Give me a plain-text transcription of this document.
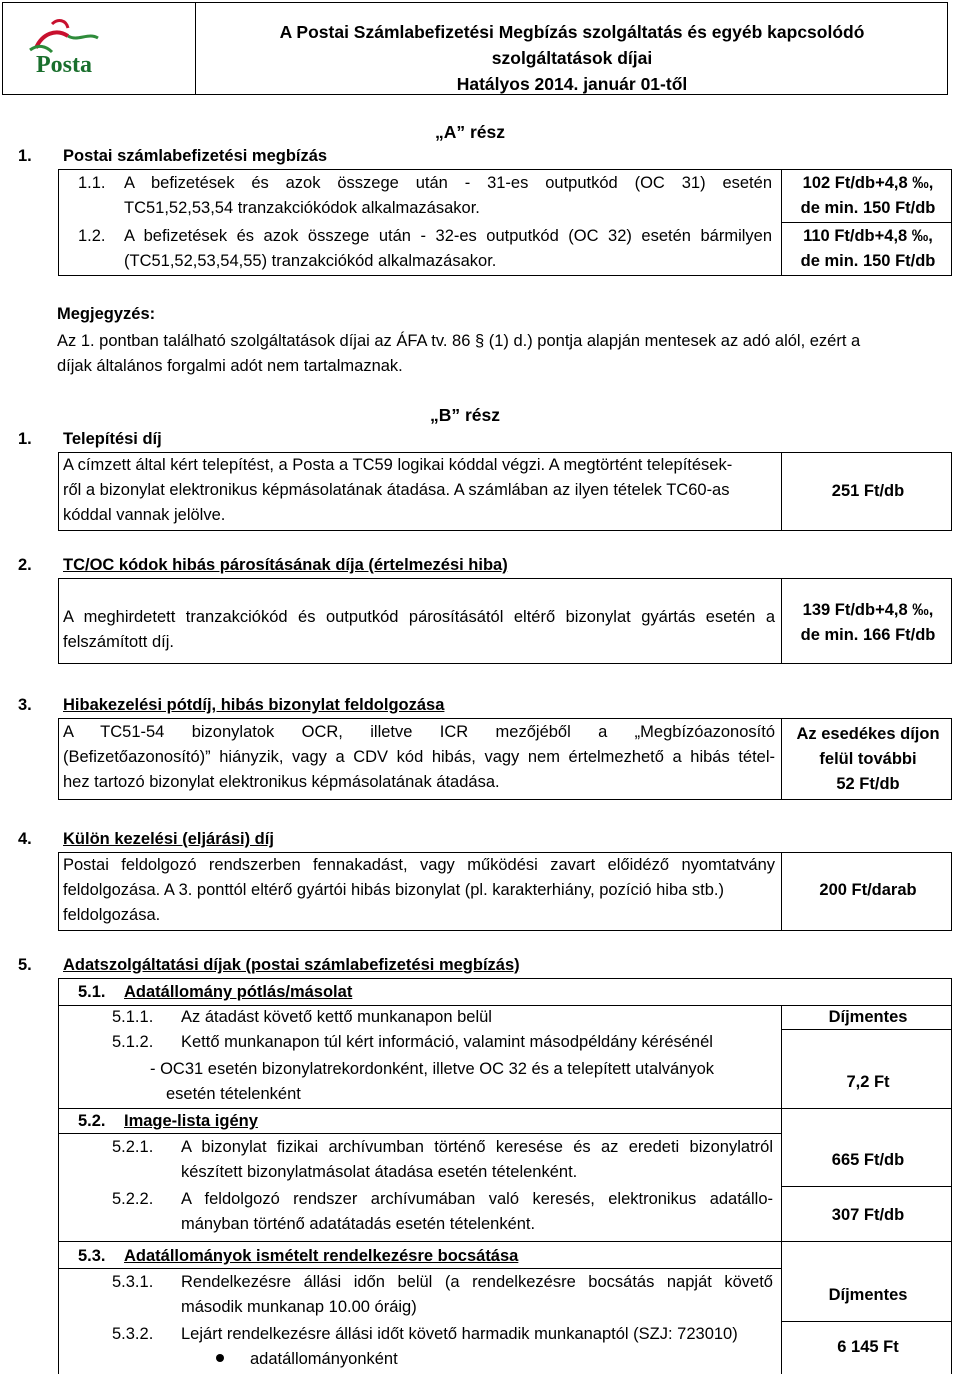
Posta
A Postai Számlabefizetési Megbízás szolgáltatás és egyéb kapcsolódó
szolgáltatások díjai
Hatályos 2014. január 01-től
„A” rész
1. Postai számlabefizetési megbízás
1.1. A befizetések és azok összege után - 31-es outputkód (OC 31) esetén
TC51,52,53,54 tranzakciókódok alkalmazásakor.
102 Ft/db+4,8 ‰,
de min. 150 Ft/db
1.2. A befizetések és azok összege után - 32-es outputkód (OC 32) esetén bármilyen
(TC51,52,53,54,55) tranzakciókód alkalmazásakor.
110 Ft/db+4,8 ‰,
de min. 150 Ft/db
Megjegyzés:
Az 1. pontban található szolgáltatások díjai az ÁFA tv. 86 § (1) d.) pontja alapján mentesek az adó alól, ezért a
díjak általános forgalmi adót nem tartalmaznak.
„B” rész
1. Telepítési díj
A címzett által kért telepítést, a Posta a TC59 logikai kóddal végzi. A megtörtént telepítések-
ről a bizonylat elektronikus képmásolatának átadása. A számlában az ilyen tételek TC60-as
kóddal vannak jelölve.
251 Ft/db
2. TC/OC kódok hibás párosításának díja (értelmezési hiba)
A meghirdetett tranzakciókód és outputkód párosításától eltérő bizonylat gyártás esetén a
felszámított díj.
139 Ft/db+4,8 ‰,
de min. 166 Ft/db
3. Hibakezelési pótdíj, hibás bizonylat feldolgozása
A TC51-54 bizonylatok OCR, illetve ICR mezőjéből a „Megbízóazonosító
(Befizetőazonosító)” hiányzik, vagy a CDV kód hibás, vagy nem értelmezhető a hibás tétel-
hez tartozó bizonylat elektronikus képmásolatának átadása.
Az esedékes díjon
felül további
52 Ft/db
4. Külön kezelési (eljárási) díj
Postai feldolgozó rendszerben fennakadást, vagy működési zavart előidéző nyomtatvány
feldolgozása. A 3. ponttól eltérő gyártói hibás bizonylat (pl. karakterhiány, pozíció hiba stb.)
feldolgozása.
200 Ft/darab
5. Adatszolgáltatási díjak (postai számlabefizetési megbízás)
5.1. Adatállomány pótlás/másolat
5.1.1. Az átadást követő kettő munkanapon belül	Díjmentes
5.1.2. Kettő munkanapon túl kért információ, valamint másodpéldány kérésénél
- OC31 esetén bizonylatrekordonként, illetve OC 32 és a telepített utalványok
esetén tételenként
7,2 Ft
5.2. Image-lista igény
5.2.1. A bizonylat fizikai archívumban történő keresése és az eredeti bizonylatról
készített bizonylatmásolat átadása esetén tételenként.
665 Ft/db
5.2.2. A feldolgozó rendszer archívumában való keresés, elektronikus adatállo-
mányban történő adatátadás esetén tételenként.	307 Ft/db
5.3. Adatállományok ismételt rendelkezésre bocsátása
5.3.1. Rendelkezésre állási időn belül (a rendelkezésre bocsátás napját követő
második munkanap 10.00 óráig)
Díjmentes
5.3.2. Lejárt rendelkezésre állási időt követő harmadik munkanaptól (SZJ: 723010)
adatállományonként
6 145 Ft
